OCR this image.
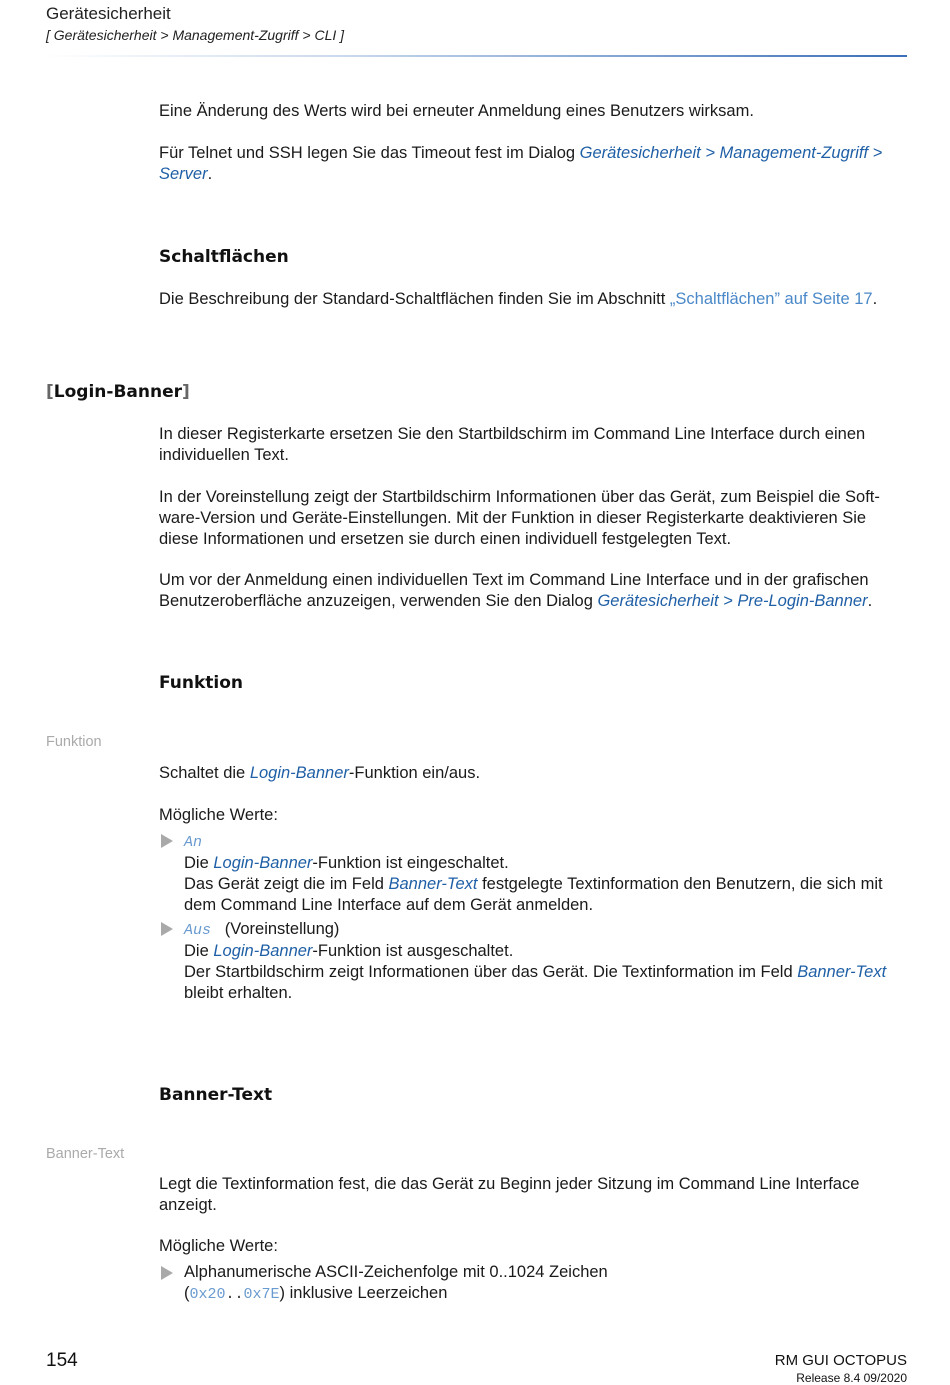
Gerätesicherheit
[ Gerätesicherheit > Management-Zugriff > CLI ]
Eine Änderung des Werts wird bei erneuter Anmeldung eines Benutzers wirksam.
Für Telnet und SSH legen Sie das Timeout fest im Dialog Gerätesicherheit > Management-Zugriff >
Server.
Schaltflächen
Die Beschreibung der Standard-Schaltflächen finden Sie im Abschnitt „Schaltflächen” auf Seite 17.
[Login-Banner]
In dieser Registerkarte ersetzen Sie den Startbildschirm im Command Line Interface durch einen
individuellen Text.
In der Voreinstellung zeigt der Startbildschirm Informationen über das Gerät, zum Beispiel die Soft-
ware-Version und Geräte-Einstellungen. Mit der Funktion in dieser Registerkarte deaktivieren Sie
diese Informationen und ersetzen sie durch einen individuell festgelegten Text.
Um vor der Anmeldung einen individuellen Text im Command Line Interface und in der grafischen
Benutzeroberfläche anzuzeigen, verwenden Sie den Dialog Gerätesicherheit > Pre-Login-Banner.
Funktion
Funktion
Schaltet die Login-Banner-Funktion ein/aus.
Mögliche Werte:
An
Die Login-Banner-Funktion ist eingeschaltet.
Das Gerät zeigt die im Feld Banner-Text festgelegte Textinformation den Benutzern, die sich mit
dem Command Line Interface auf dem Gerät anmelden.
Aus (Voreinstellung)
Die Login-Banner-Funktion ist ausgeschaltet.
Der Startbildschirm zeigt Informationen über das Gerät. Die Textinformation im Feld Banner-Text
bleibt erhalten.
Banner-Text
Banner-Text
Legt die Textinformation fest, die das Gerät zu Beginn jeder Sitzung im Command Line Interface
anzeigt.
Mögliche Werte:
Alphanumerische ASCII-Zeichenfolge mit 0..1024 Zeichen
(0x20..0x7E) inklusive Leerzeichen
154	RM GUI OCTOPUS
Release 8.4 09/2020
